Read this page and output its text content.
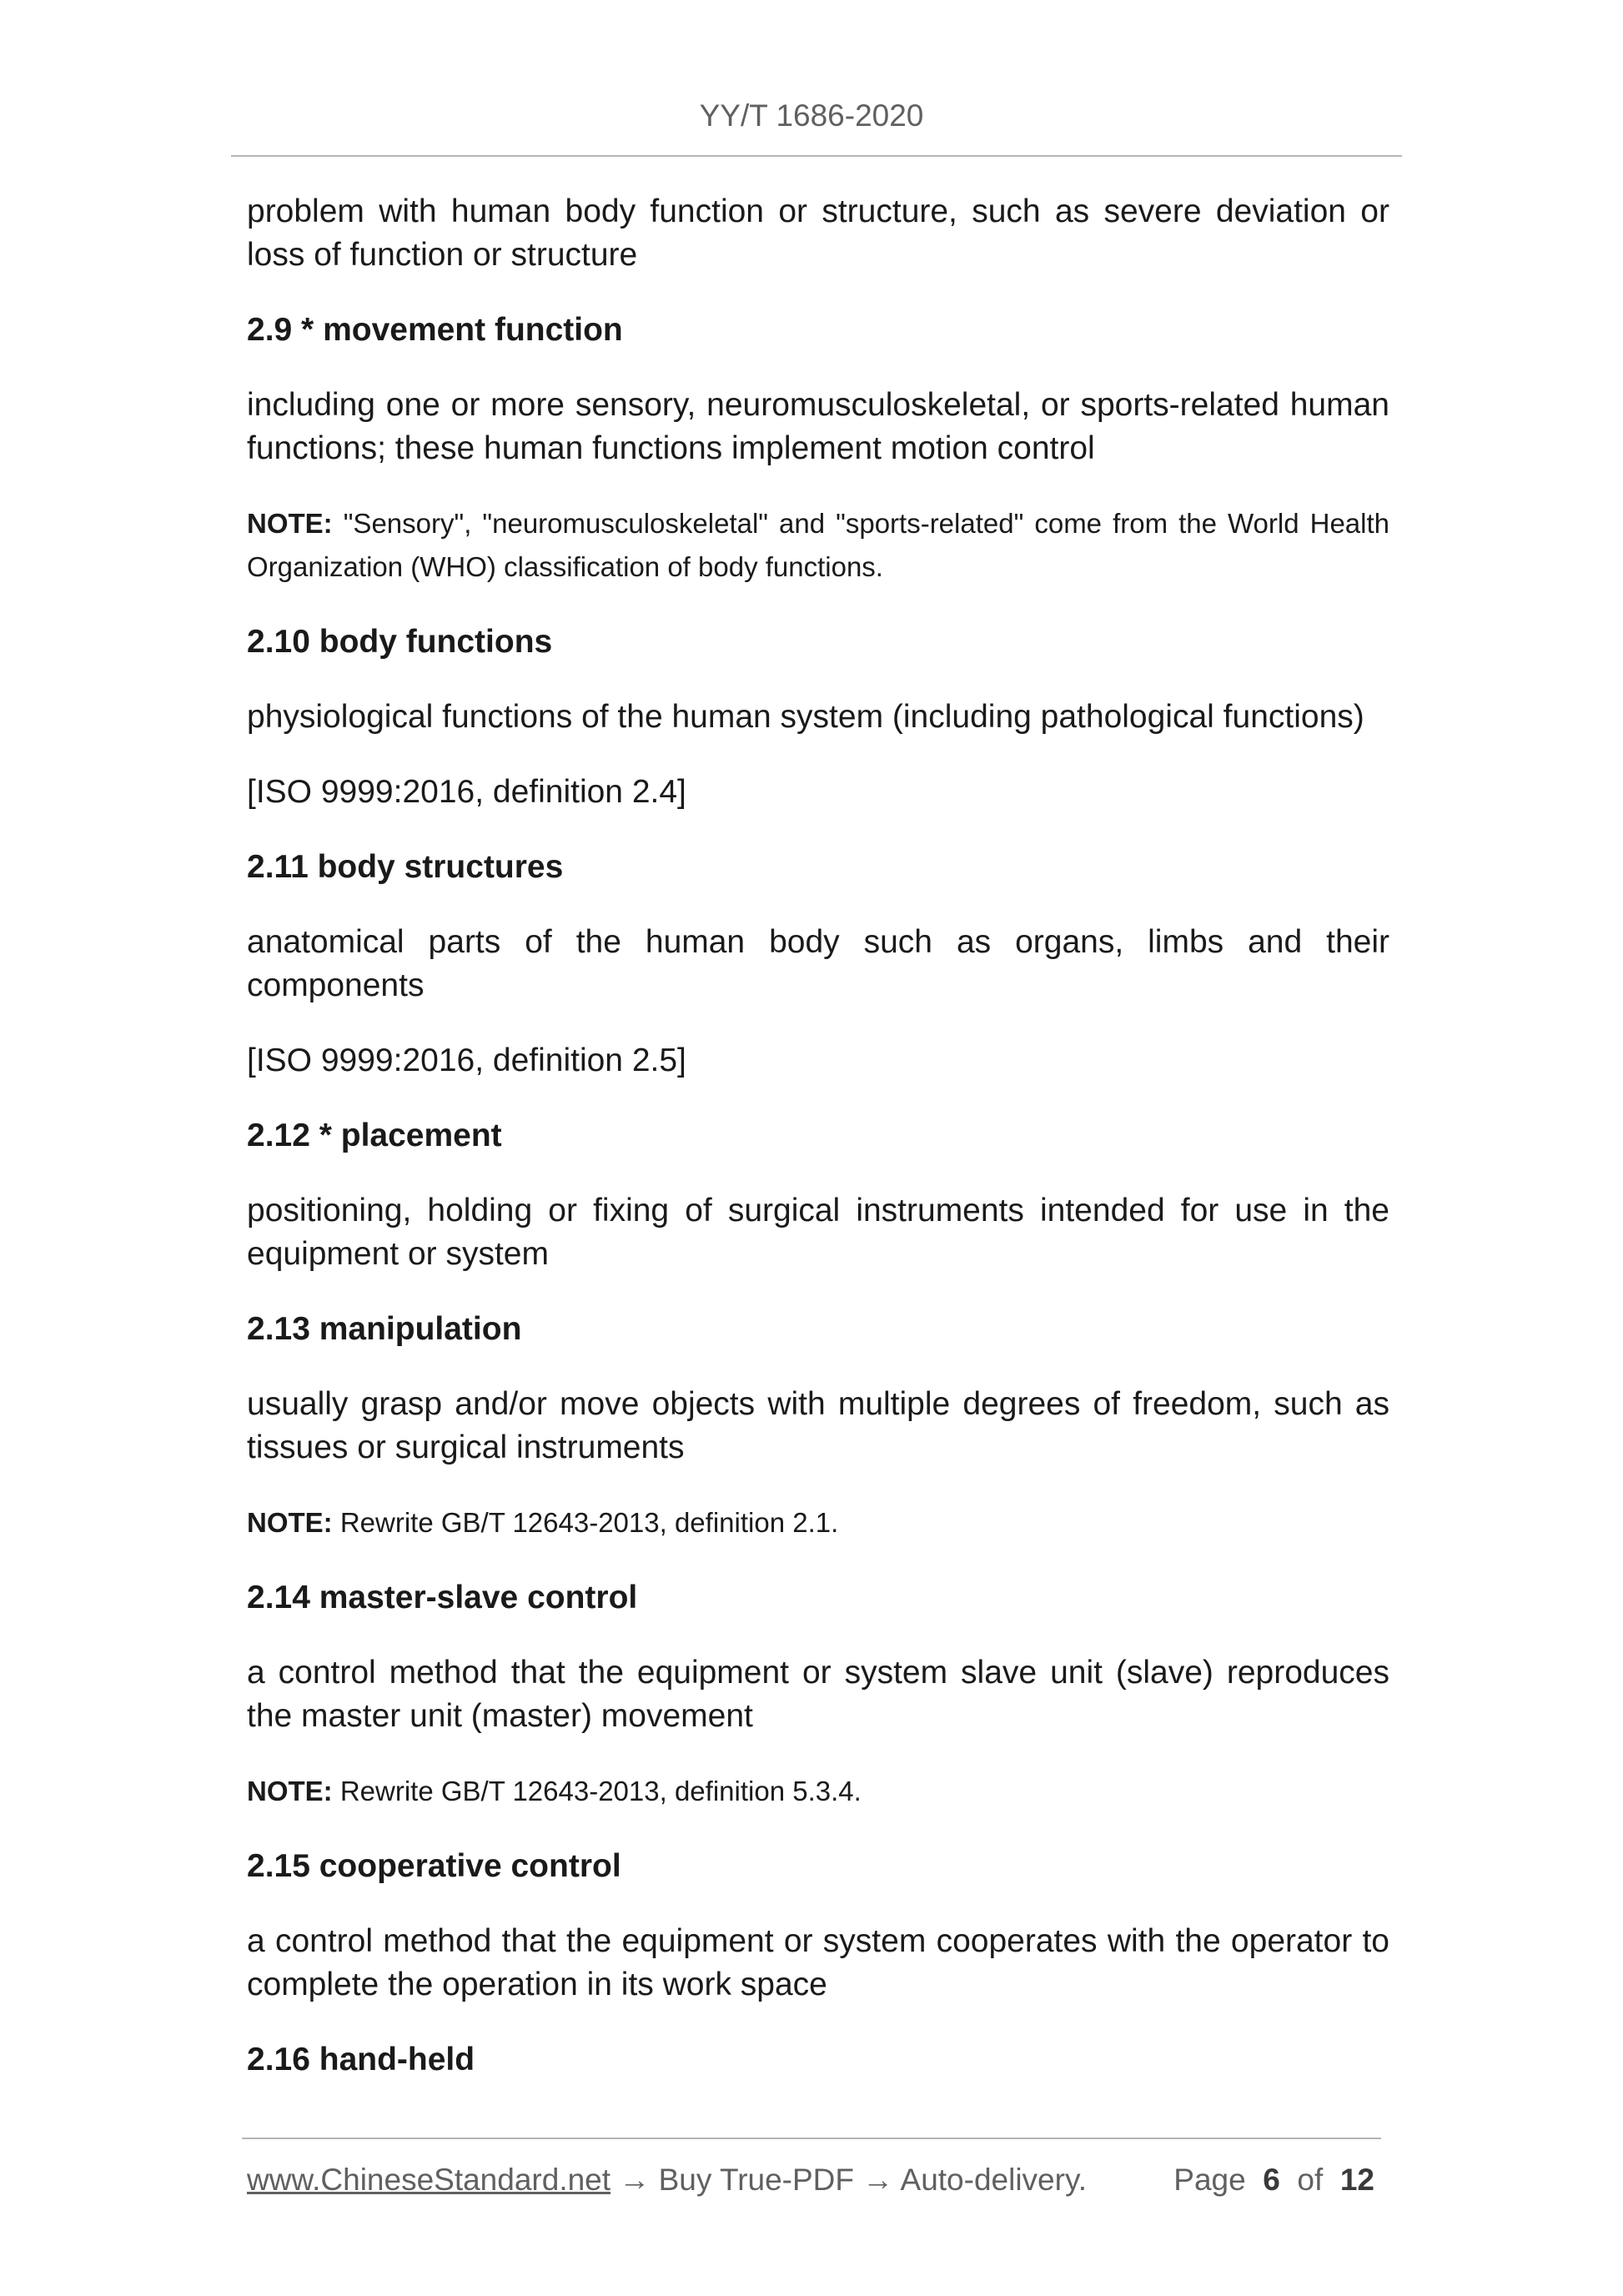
YY/T 1686-2020
problem with human body function or structure, such as severe deviation or loss of function or structure
2.9 * movement function
including one or more sensory, neuromusculoskeletal, or sports-related human functions; these human functions implement motion control
NOTE: "Sensory", "neuromusculoskeletal" and "sports-related" come from the World Health Organization (WHO) classification of body functions.
2.10 body functions
physiological functions of the human system (including pathological functions)
[ISO 9999:2016, definition 2.4]
2.11 body structures
anatomical parts of the human body such as organs, limbs and their components
[ISO 9999:2016, definition 2.5]
2.12 * placement
positioning, holding or fixing of surgical instruments intended for use in the equipment or system
2.13 manipulation
usually grasp and/or move objects with multiple degrees of freedom, such as tissues or surgical instruments
NOTE: Rewrite GB/T 12643-2013, definition 2.1.
2.14 master-slave control
a control method that the equipment or system slave unit (slave) reproduces the master unit (master) movement
NOTE: Rewrite GB/T 12643-2013, definition 5.3.4.
2.15 cooperative control
a control method that the equipment or system cooperates with the operator to complete the operation in its work space
2.16 hand-held
www.ChineseStandard.net → Buy True-PDF → Auto-delivery.	Page 6 of 12
